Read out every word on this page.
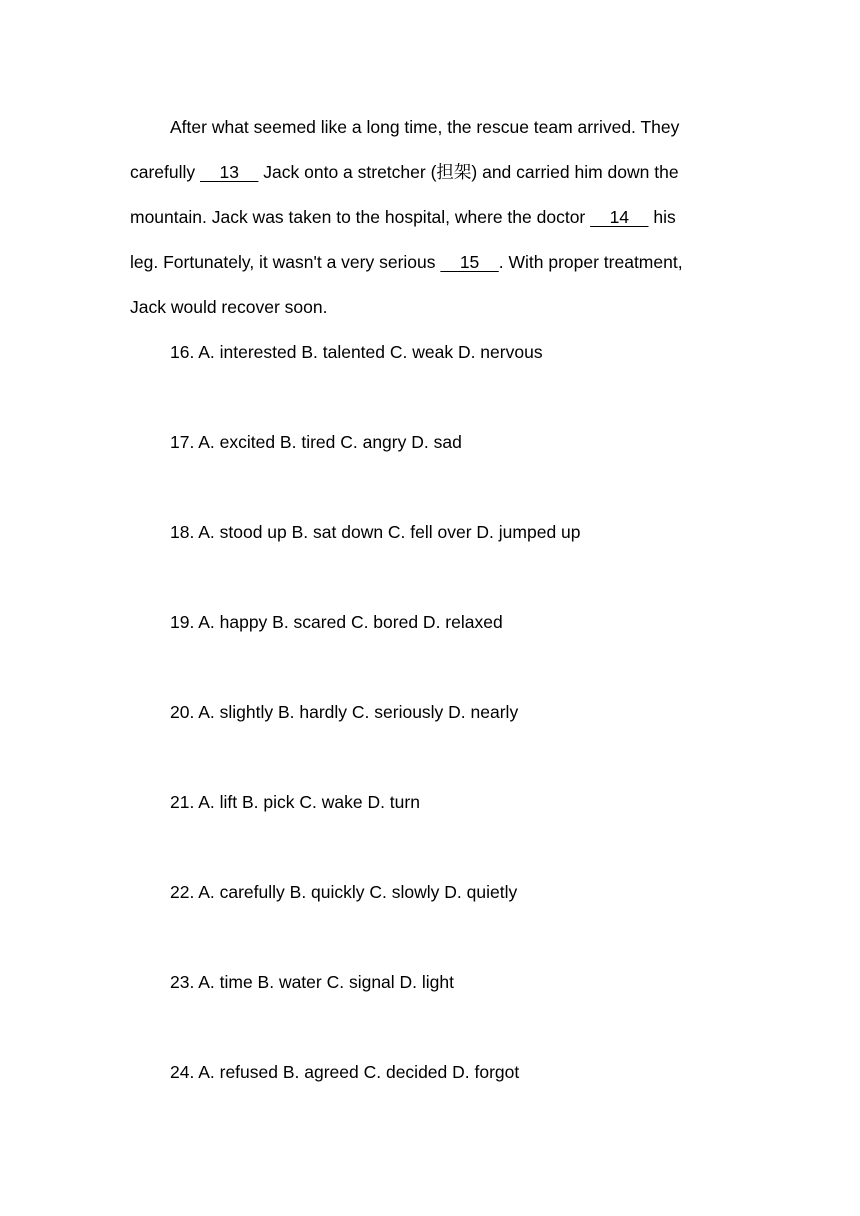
After what seemed like a long time, the rescue team arrived. They
carefully     13     Jack onto a stretcher (担架) and carried him down the
mountain. Jack was taken to the hospital, where the doctor     14     his
leg. Fortunately, it wasn't a very serious     15    . With proper treatment,
Jack would recover soon.
16. A. interested B. talented C. weak D. nervous
17. A. excited B. tired C. angry D. sad
18. A. stood up B. sat down C. fell over D. jumped up
19. A. happy B. scared C. bored D. relaxed
20. A. slightly B. hardly C. seriously D. nearly
21. A. lift B. pick C. wake D. turn
22. A. carefully B. quickly C. slowly D. quietly
23. A. time B. water C. signal D. light
24. A. refused B. agreed C. decided D. forgot
